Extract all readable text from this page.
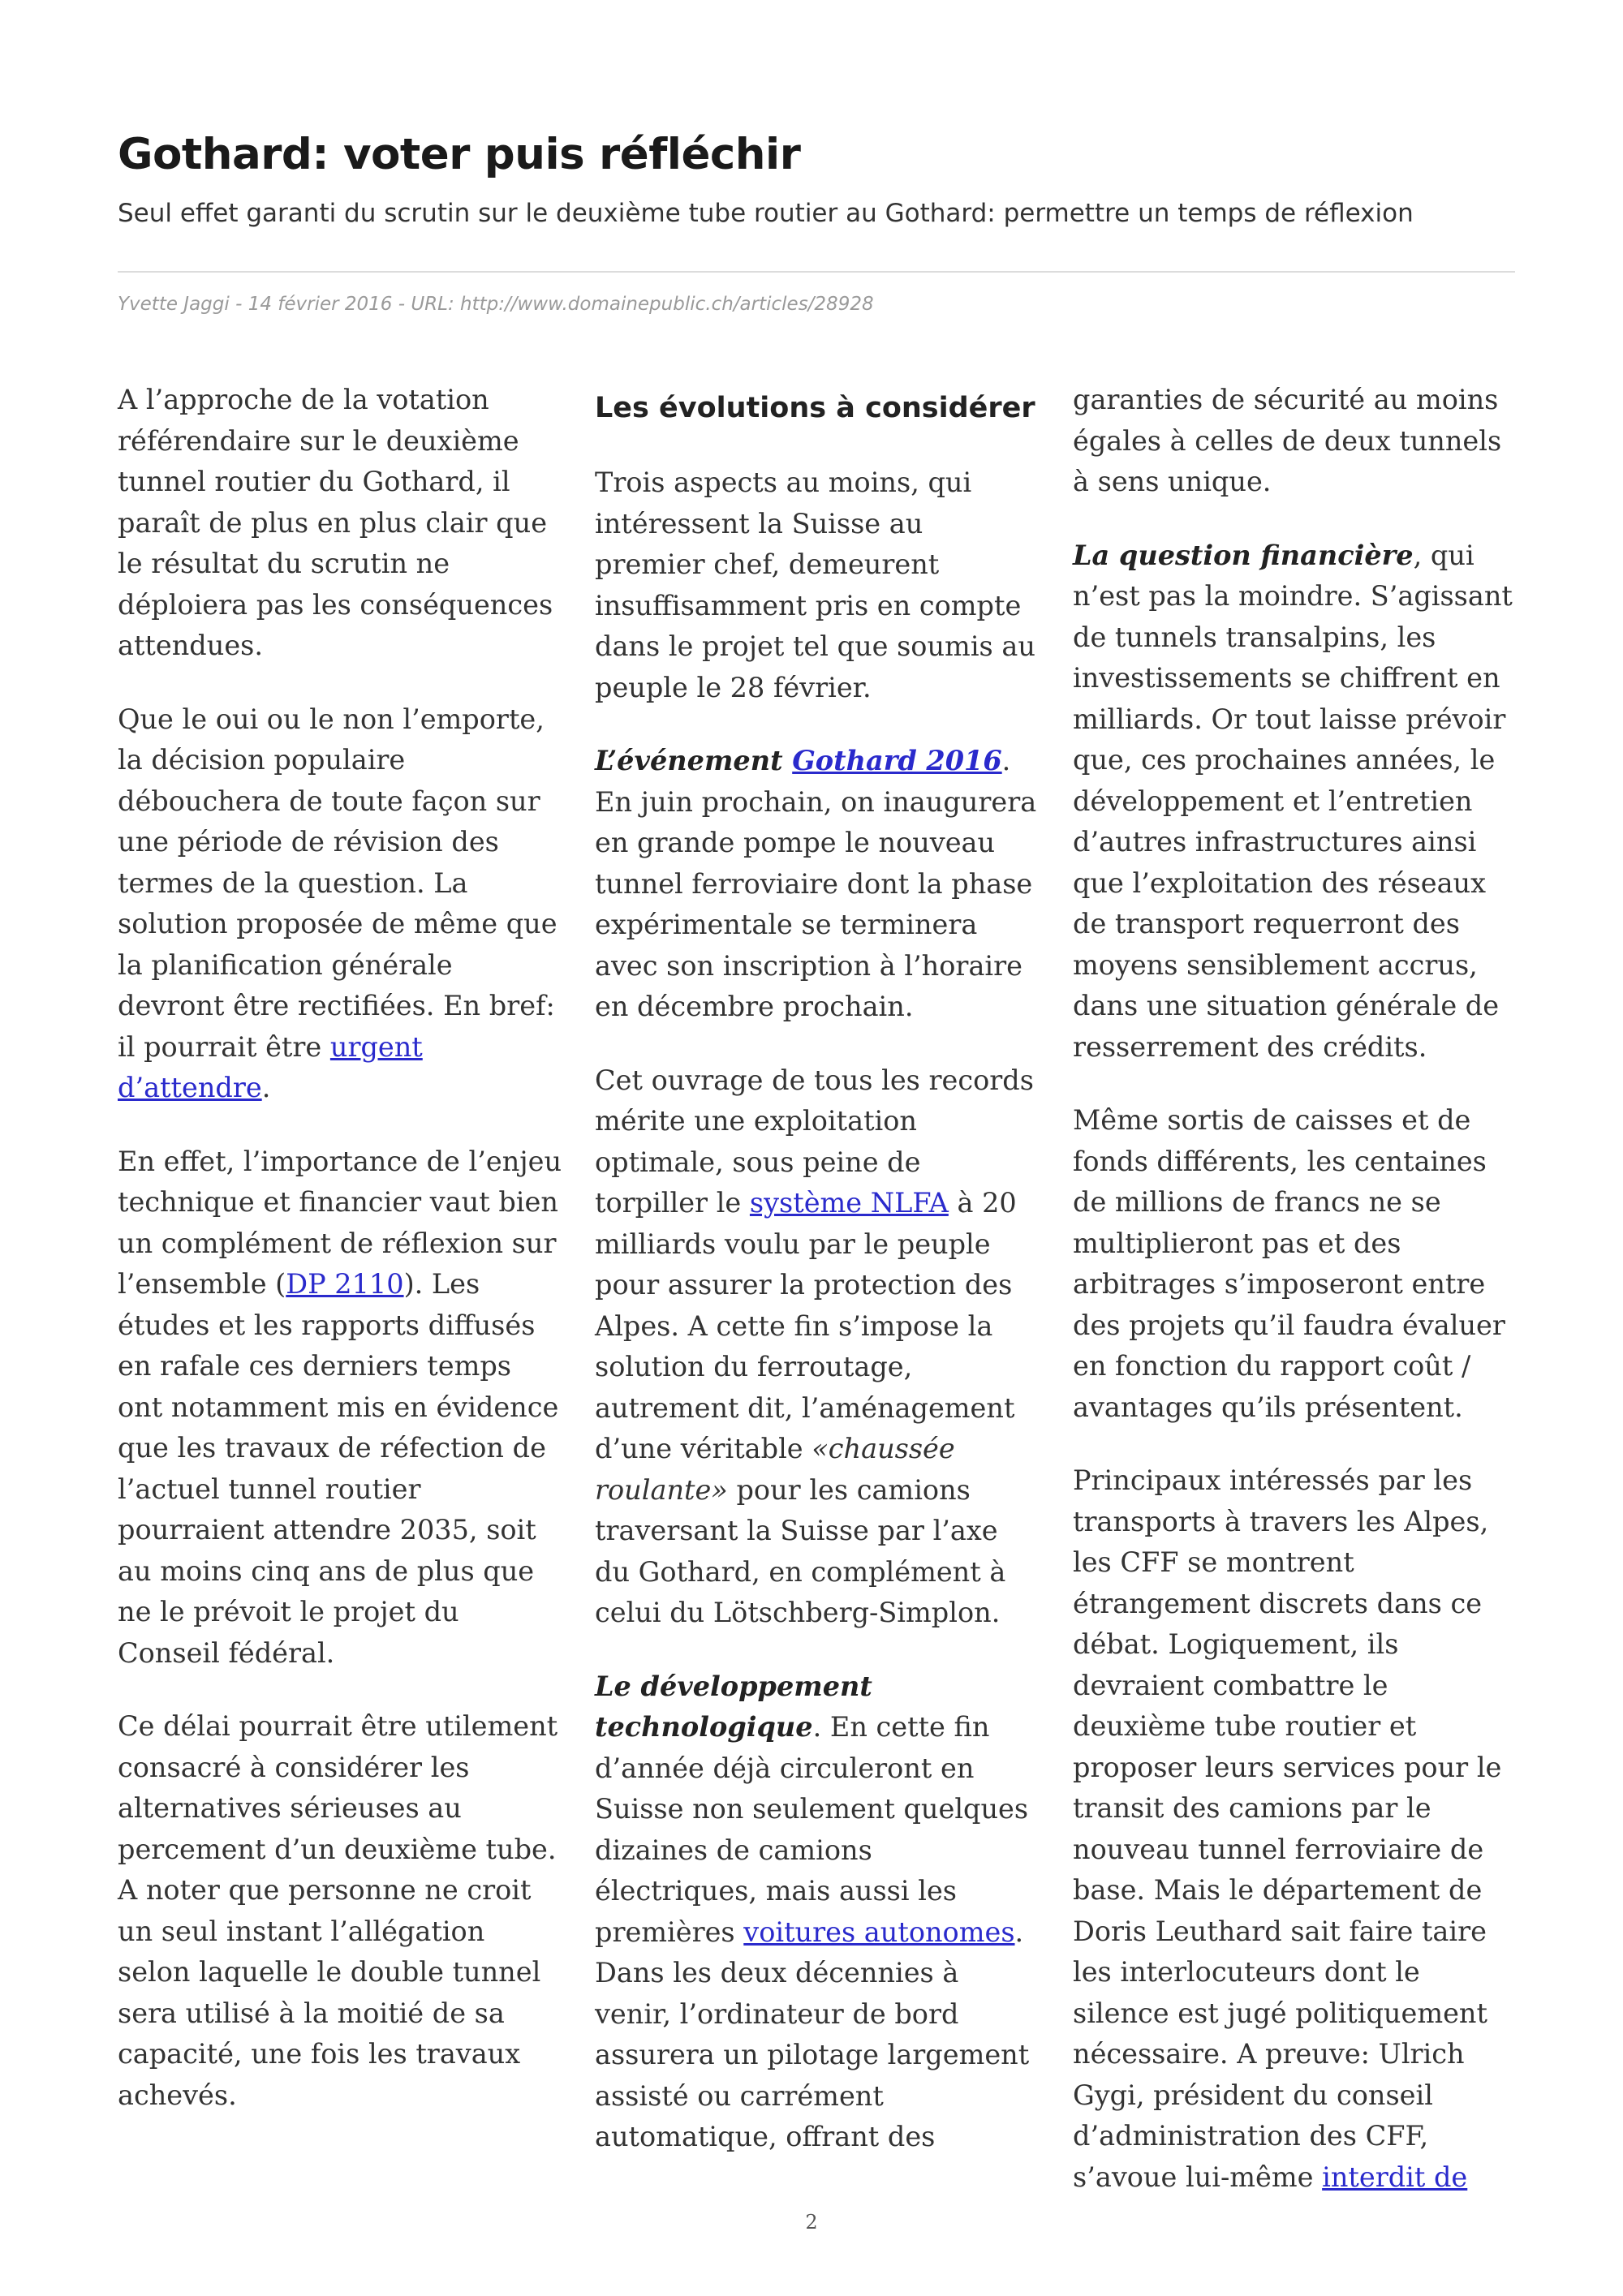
Gothard: voter puis réfléchir

Seul effet garanti du scrutin sur le deuxième tube routier au Gothard: permettre un temps de réflexion

Yvette Jaggi - 14 février 2016 - URL: http://www.domainepublic.ch/articles/28928

A l’approche de la votation référendaire sur le deuxième tunnel routier du Gothard, il paraît de plus en plus clair que le résultat du scrutin ne déploiera pas les conséquences attendues.

Que le oui ou le non l’emporte, la décision populaire débouchera de toute façon sur une période de révision des termes de la question. La solution proposée de même que la planification générale devront être rectifiées. En bref: il pourrait être urgent d’attendre.

En effet, l’importance de l’enjeu technique et financier vaut bien un complément de réflexion sur l’ensemble (DP 2110). Les études et les rapports diffusés en rafale ces derniers temps ont notamment mis en évidence que les travaux de réfection de l’actuel tunnel routier pourraient attendre 2035, soit au moins cinq ans de plus que ne le prévoit le projet du Conseil fédéral.

Ce délai pourrait être utilement consacré à considérer les alternatives sérieuses au percement d’un deuxième tube. A noter que personne ne croit un seul instant l’allégation selon laquelle le double tunnel sera utilisé à la moitié de sa capacité, une fois les travaux achevés.

Les évolutions à considérer

Trois aspects au moins, qui intéressent la Suisse au premier chef, demeurent insuffisamment pris en compte dans le projet tel que soumis au peuple le 28 février.

L’événement Gothard 2016. En juin prochain, on inaugurera en grande pompe le nouveau tunnel ferroviaire dont la phase expérimentale se terminera avec son inscription à l’horaire en décembre prochain.

Cet ouvrage de tous les records mérite une exploitation optimale, sous peine de torpiller le système NLFA à 20 milliards voulu par le peuple pour assurer la protection des Alpes. A cette fin s’impose la solution du ferroutage, autrement dit, l’aménagement d’une véritable «chaussée roulante» pour les camions traversant la Suisse par l’axe du Gothard, en complément à celui du Lötschberg-Simplon.

Le développement technologique. En cette fin d’année déjà circuleront en Suisse non seulement quelques dizaines de camions électriques, mais aussi les premières voitures autonomes. Dans les deux décennies à venir, l’ordinateur de bord assurera un pilotage largement assisté ou carrément automatique, offrant des

garanties de sécurité au moins égales à celles de deux tunnels à sens unique.

La question financière, qui n’est pas la moindre. S’agissant de tunnels transalpins, les investissements se chiffrent en milliards. Or tout laisse prévoir que, ces prochaines années, le développement et l’entretien d’autres infrastructures ainsi que l’exploitation des réseaux de transport requerront des moyens sensiblement accrus, dans une situation générale de resserrement des crédits.

Même sortis de caisses et de fonds différents, les centaines de millions de francs ne se multiplieront pas et des arbitrages s’imposeront entre des projets qu’il faudra évaluer en fonction du rapport coût / avantages qu’ils présentent.

Principaux intéressés par les transports à travers les Alpes, les CFF se montrent étrangement discrets dans ce débat. Logiquement, ils devraient combattre le deuxième tube routier et proposer leurs services pour le transit des camions par le nouveau tunnel ferroviaire de base. Mais le département de Doris Leuthard sait faire taire les interlocuteurs dont le silence est jugé politiquement nécessaire. A preuve: Ulrich Gygi, président du conseil d’administration des CFF, s’avoue lui-même interdit de

2
